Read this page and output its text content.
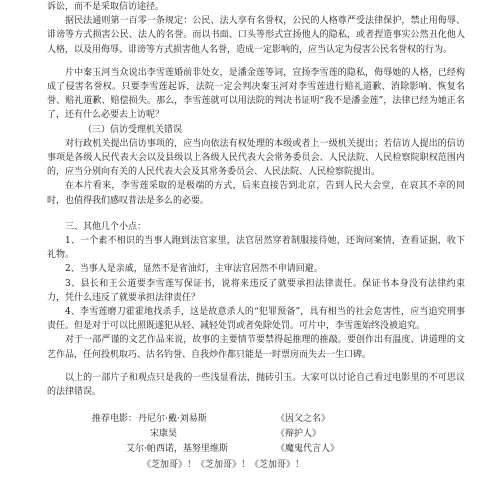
诉讼，而不是采取信访途径。

据民法通则第一百零一条规定：公民、法人享有名誉权，公民的人格尊严受法律保护，禁止用侮辱、诽谤等方式损害公民、法人的名誉。而以书面、口头等形式宣扬他人的隐私，或者捏造事实公然丑化他人人格，以及用侮辱、诽谤等方式损害他人名誉，造成一定影响的，应当认定为侵害公民名誉权的行为。

片中秦玉河当众说出李雪莲婚前非处女，是潘金莲等词，宣扬李雪莲的隐私，侮辱她的人格，已经构成了侵害名誉权。只要李雪莲起诉，法院一定会判决秦玉河对李雪莲进行赔礼道歉、消除影响、恢复名誉、赔礼道歉、赔偿损失。那么，李雪莲就可以用法院的判决书证明“我不是潘金莲”，法律已经为她正名了，还有什么必要去上访呢？

（三）信访受理机关错误

对行政机关提出信访事项的，应当向依法有权处理的本级或者上一级机关提出；若信访人提出的信访事项是各级人民代表大会以及县级以上各级人民代表大会常务委员会、人民法院、人民检察院职权范围内的，应当分别向有关的人民代表大会及其常务委员会、人民法院、人民检察院提出。

在本片看来，李雪莲采取的是极端的方式，后来直接告到北京，告到人民大会堂，在哀其不幸的同时，也值得我们感叹普法是多么的必要。

三、其他几个小点：

1、一个素不相识的当事人跑到法官家里，法官居然穿着制服接待她，还询问案情，查看证据，收下礼物。

2、当事人是亲戚，显然不是省油灯，主审法官居然不申请回避。

3、县长和王公道要李雪莲写保证书，说将来违反了就要承担法律责任。保证书本身没有法律约束力，凭什么违反了就要承担法律责任？

4、李雪莲磨刀霍霍地找杀手，这是故意杀人的“犯罪预备”，具有相当的社会危害性，应当追究刑事责任。但是对于可以比照既遂犯从轻、减轻处罚或者免除处罚。可片中，李雪莲始终没被追究。

对于一部严谨的文艺作品来说，故事的主要情节要禁得起推理的推敲。要创作出有温度、讲道理的文艺作品，任何投机取巧、沽名钓誉、自我炒作都只能是一时票房而失去一生口碑。

以上的一部片子和观点只是我的一些浅显看法，抛砖引玉。大家可以讨论自己看过电影里的不可思议的法律错误。

推荐电影： 丹尼尔·戴·刘易斯	《因父之名》
宋康昊	《辩护人》
艾尔·帕西诺，基努里维斯	《魔鬼代言人》
《芝加哥》！《芝加哥》！《芝加哥》！
